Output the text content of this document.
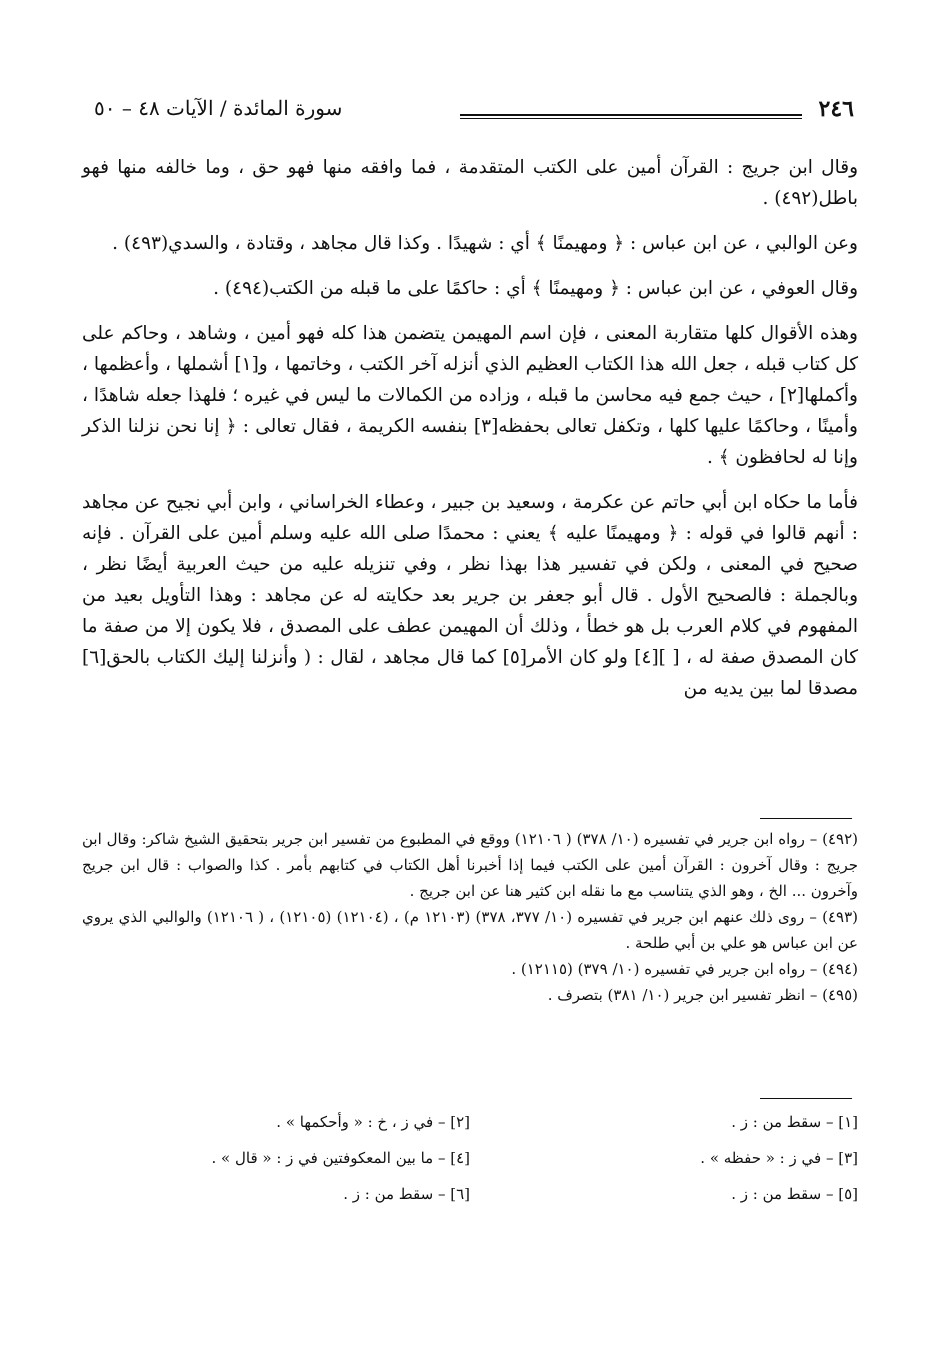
٢٤٦
سورة المائدة / الآيات ٤٨ – ٥٠

وقال ابن جريج : القرآن أمين على الكتب المتقدمة ، فما وافقه منها فهو حق ، وما خالفه منها فهو باطل(٤٩٢) .

وعن الوالبي ، عن ابن عباس : ﴿ ومهيمنًا ﴾ أي : شهيدًا . وكذا قال مجاهد ، وقتادة ، والسدي(٤٩٣) .

وقال العوفي ، عن ابن عباس : ﴿ ومهيمنًا ﴾ أي : حاكمًا على ما قبله من الكتب(٤٩٤) .

وهذه الأقوال كلها متقاربة المعنى ، فإن اسم المهيمن يتضمن هذا كله فهو أمين ، وشاهد ، وحاكم على كل كتاب قبله ، جعل الله هذا الكتاب العظيم الذي أنزله آخر الكتب ، وخاتمها ، و[١] أشملها ، وأعظمها ، وأكملها[٢] ، حيث جمع فيه محاسن ما قبله ، وزاده من الكمالات ما ليس في غيره ؛ فلهذا جعله شاهدًا ، وأمينًا ، وحاكمًا عليها كلها ، وتكفل تعالى بحفظه[٣] بنفسه الكريمة ، فقال تعالى : ﴿ إنا نحن نزلنا الذكر وإنا له لحافظون ﴾ .

فأما ما حكاه ابن أبي حاتم عن عكرمة ، وسعيد بن جبير ، وعطاء الخراساني ، وابن أبي نجيح عن مجاهد : أنهم قالوا في قوله : ﴿ ومهيمنًا عليه ﴾ يعني : محمدًا صلى الله عليه وسلم أمين على القرآن . فإنه صحيح في المعنى ، ولكن في تفسير هذا بهذا نظر ، وفي تنزيله عليه من حيث العربية أيضًا نظر ، وبالجملة : فالصحيح الأول . قال أبو جعفر بن جرير بعد حكايته له عن مجاهد : وهذا التأويل بعيد من المفهوم في كلام العرب بل هو خطأ ، وذلك أن المهيمن عطف على المصدق ، فلا يكون إلا من صفة ما كان المصدق صفة له ، [ ][٤] ولو كان الأمر[٥] كما قال مجاهد ، لقال : ( وأنزلنا إليك الكتاب بالحق[٦] مصدقا لما بين يديه من

(٤٩٢) – رواه ابن جرير في تفسيره (١٠/ ٣٧٨) ( ١٢١٠٦) ووقع في المطبوع من تفسير ابن جرير بتحقيق الشيخ شاكر: وقال ابن جريج : وقال آخرون : القرآن أمين على الكتب فيما إذا أخبرنا أهل الكتاب في كتابهم بأمر . كذا والصواب : قال ابن جريج وآخرون ... الخ ، وهو الذي يتناسب مع ما نقله ابن كثير هنا عن ابن جريج .

(٤٩٣) – روى ذلك عنهم ابن جرير في تفسيره (١٠/ ٣٧٧، ٣٧٨) (١٢١٠٣ م) ، (١٢١٠٤) (١٢١٠٥) ، ( ١٢١٠٦) والوالبي الذي يروي عن ابن عباس هو علي بن أبي طلحة .

(٤٩٤) – رواه ابن جرير في تفسيره (١٠/ ٣٧٩) (١٢١١٥) .

(٤٩٥) – انظر تفسير ابن جرير (١٠/ ٣٨١) بتصرف .

[١] – سقط من : ز .
[٢] – في ز ، خ : « وأحكمها » .
[٣] – في ز : « حفظه » .
[٤] – ما بين المعكوفتين في ز : « قال » .
[٥] – سقط من : ز .
[٦] – سقط من : ز .
